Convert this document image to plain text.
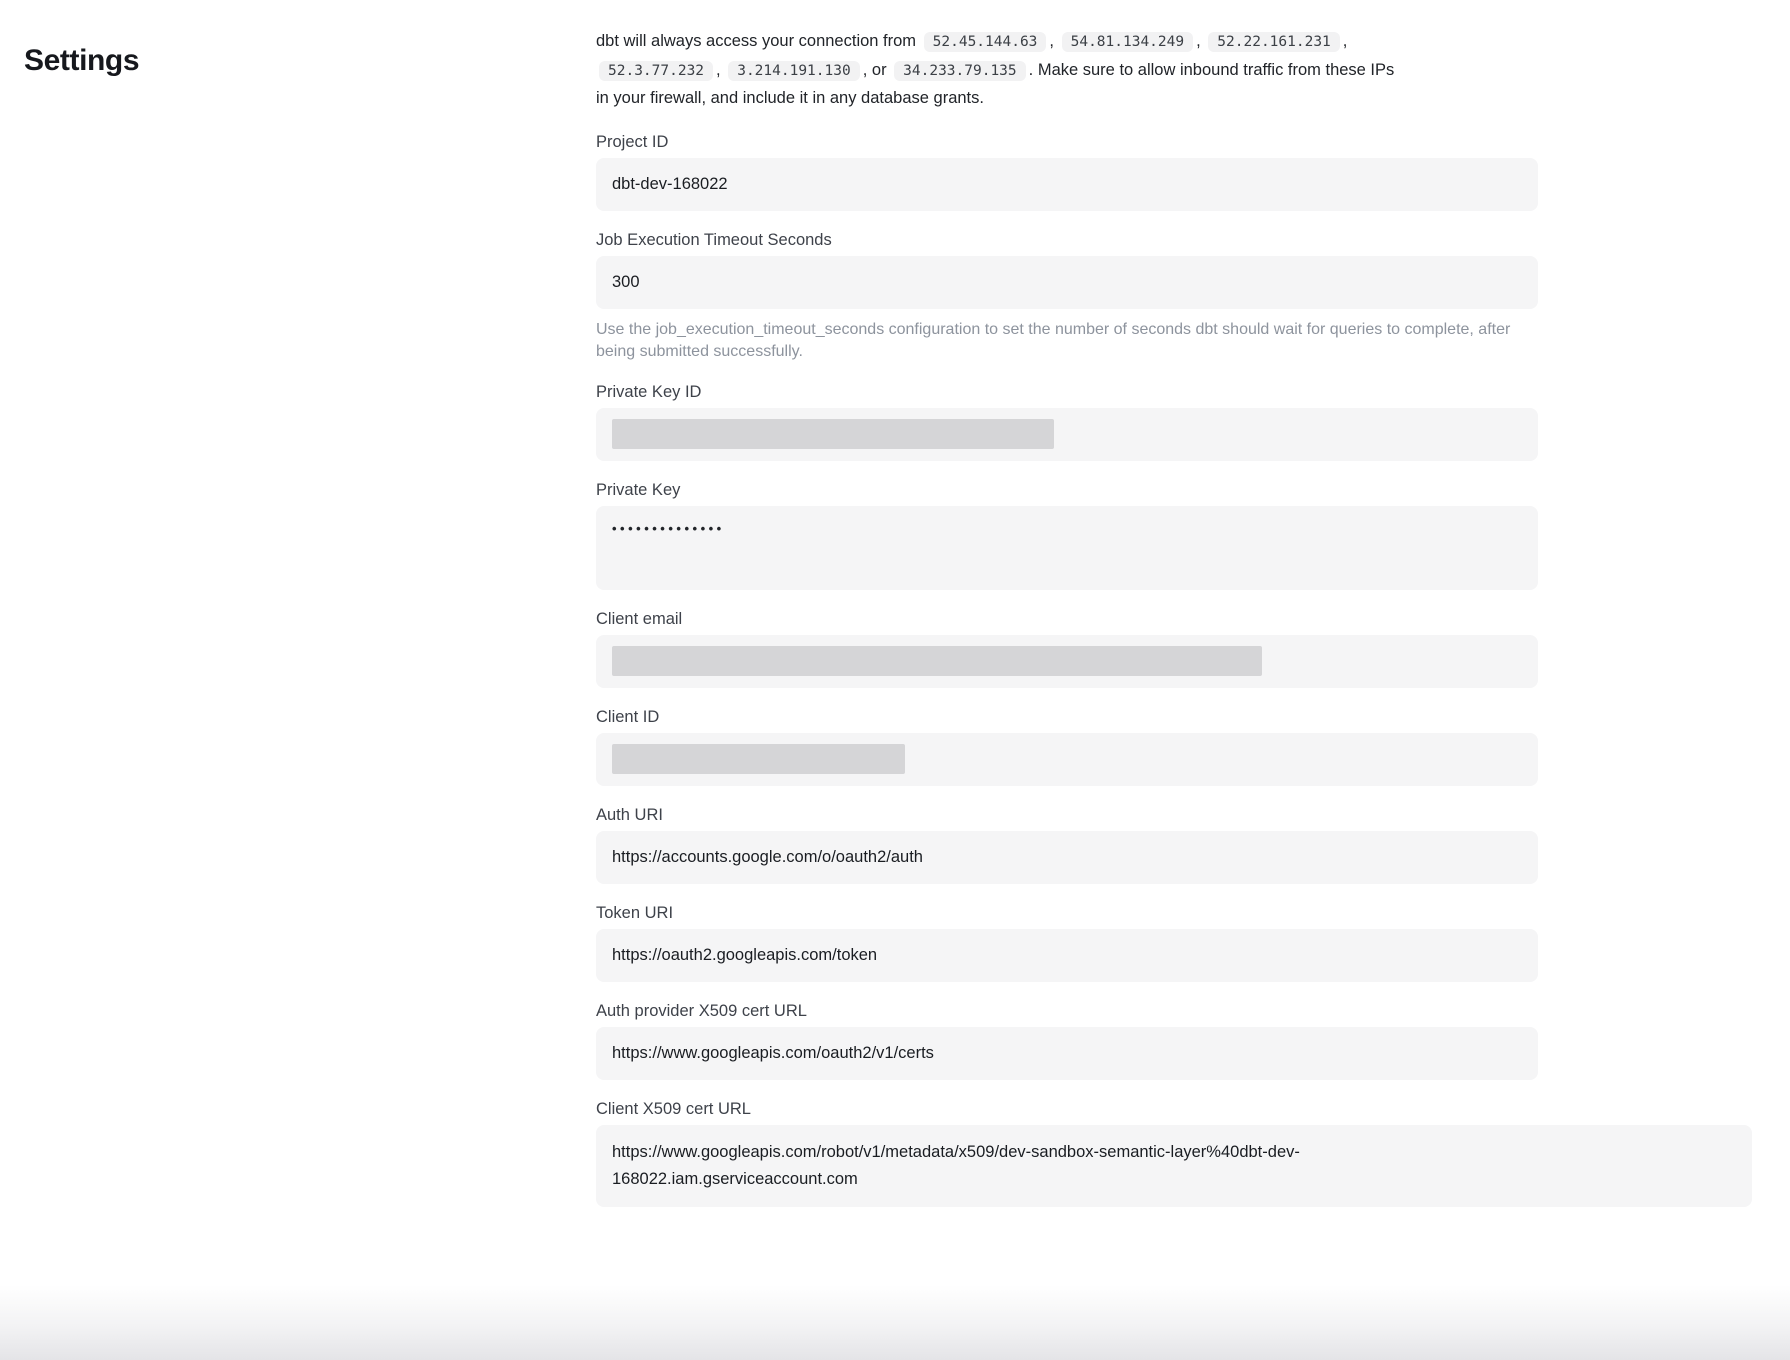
Settings

dbt will always access your connection from 52.45.144.63 , 54.81.134.249 , 52.22.161.231 ,
52.3.77.232 , 3.214.191.130 , or 34.233.79.135 . Make sure to allow inbound traffic from these IPs
in your firewall, and include it in any database grants.

Project ID
dbt-dev-168022
Job Execution Timeout Seconds
300

Use the job_execution_timeout_seconds configuration to set the number of seconds dbt should wait for queries to complete, after being submitted successfully.

Private Key ID
Private Key
••••••••••••••
Client email
Client ID
Auth URI
https://accounts.google.com/o/oauth2/auth
Token URI
https://oauth2.googleapis.com/token
Auth provider X509 cert URL
https://www.googleapis.com/oauth2/v1/certs
Client X509 cert URL
https://www.googleapis.com/robot/v1/metadata/x509/dev-sandbox-semantic-layer%40dbt-dev-
168022.iam.gserviceaccount.com
